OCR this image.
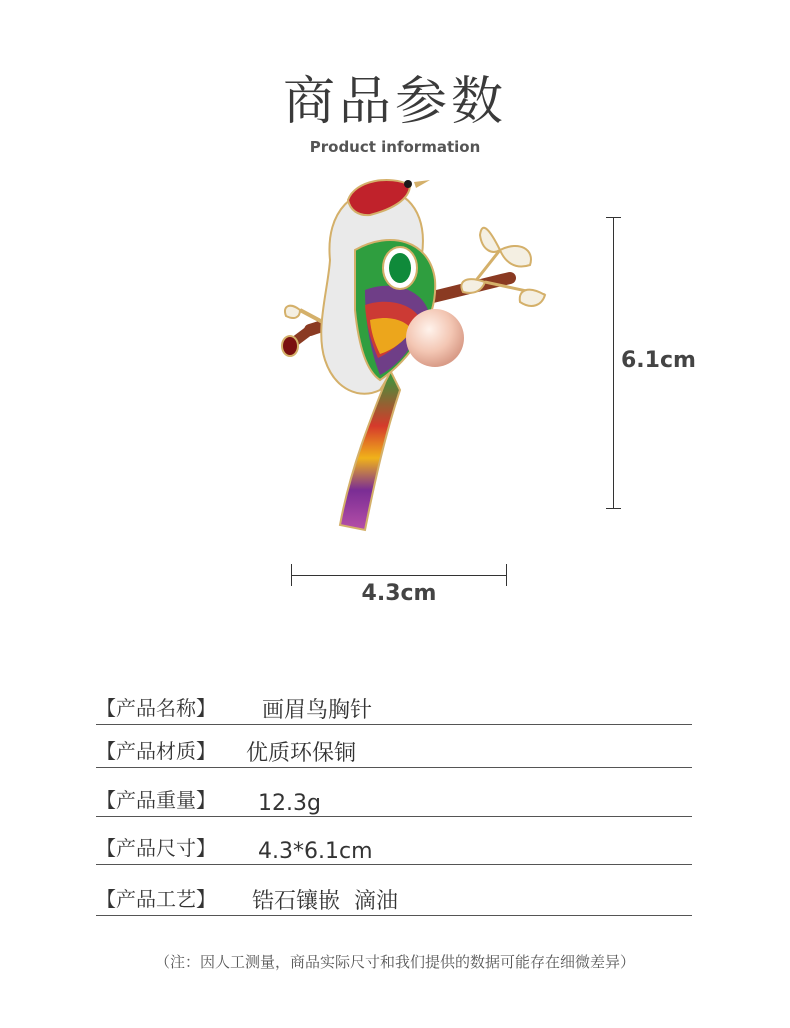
商品参数
Product information
6.1cm
4.3cm
【产品名称】 画眉鸟胸针
【产品材质】 优质环保铜
【产品重量】 12.3g
【产品尺寸】 4.3*6.1cm
【产品工艺】 锆石镶嵌  滴油
（注：因人工测量，商品实际尺寸和我们提供的数据可能存在细微差异）
